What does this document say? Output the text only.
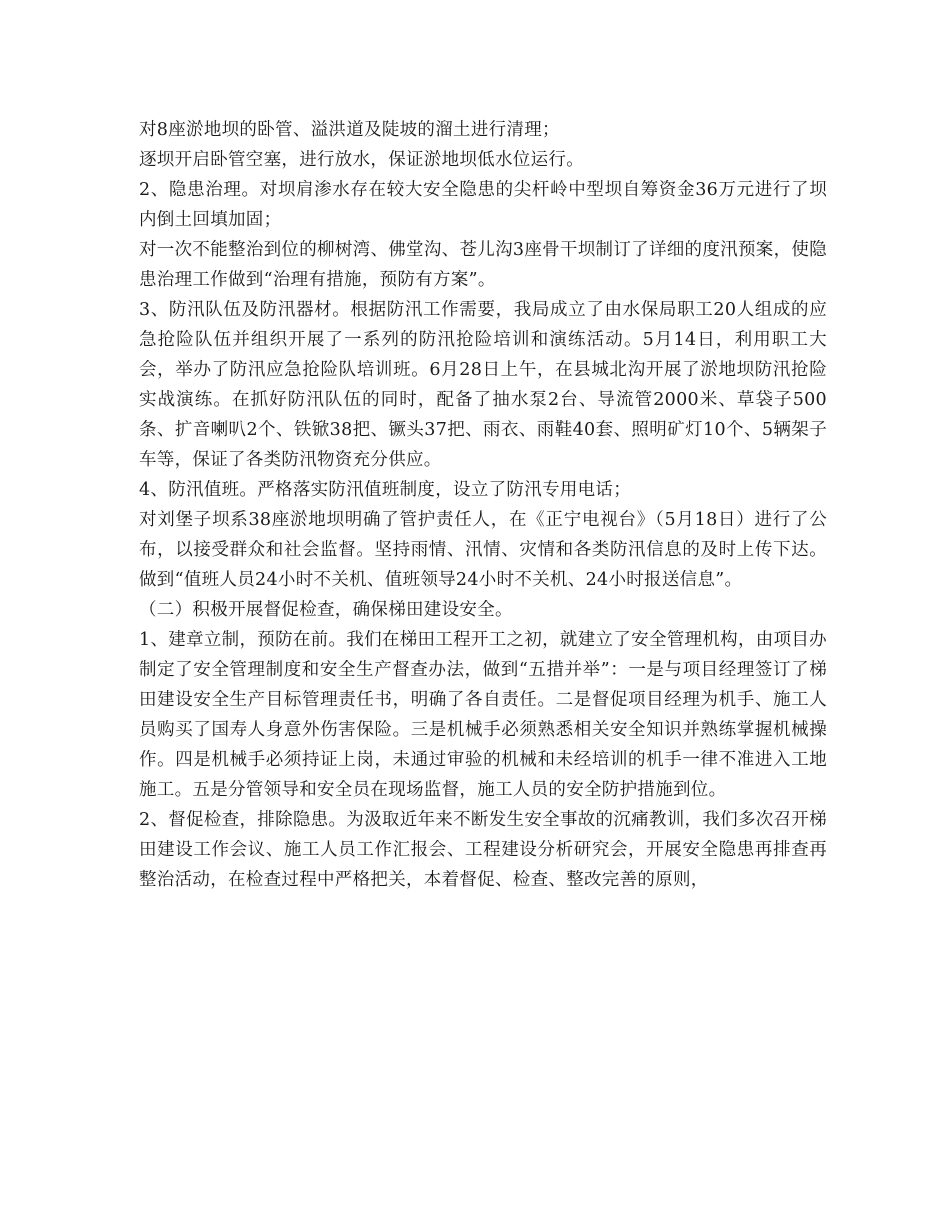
对8座淤地坝的卧管、溢洪道及陡坡的溜土进行清理；

逐坝开启卧管空塞，进行放水，保证淤地坝低水位运行。

2、隐患治理。对坝肩渗水存在较大安全隐患的尖杆岭中型坝自筹资金36万元进行了坝内倒土回填加固；

对一次不能整治到位的柳树湾、佛堂沟、苍儿沟3座骨干坝制订了详细的度汛预案，使隐患治理工作做到“治理有措施，预防有方案”。

3、防汛队伍及防汛器材。根据防汛工作需要，我局成立了由水保局职工20人组成的应急抢险队伍并组织开展了一系列的防汛抢险培训和演练活动。5月14日，利用职工大会，举办了防汛应急抢险队培训班。6月28日上午，在县城北沟开展了淤地坝防汛抢险实战演练。在抓好防汛队伍的同时，配备了抽水泵2台、导流管2000米、草袋子500条、扩音喇叭2个、铁锨38把、镢头37把、雨衣、雨鞋40套、照明矿灯10个、5辆架子车等，保证了各类防汛物资充分供应。

4、防汛值班。严格落实防汛值班制度，设立了防汛专用电话；

对刘堡子坝系38座淤地坝明确了管护责任人，在《正宁电视台》（5月18日）进行了公布，以接受群众和社会监督。坚持雨情、汛情、灾情和各类防汛信息的及时上传下达。做到“值班人员24小时不关机、值班领导24小时不关机、24小时报送信息”。

（二）积极开展督促检查，确保梯田建设安全。

1、建章立制，预防在前。我们在梯田工程开工之初，就建立了安全管理机构，由项目办制定了安全管理制度和安全生产督查办法，做到“五措并举”：一是与项目经理签订了梯田建设安全生产目标管理责任书，明确了各自责任。二是督促项目经理为机手、施工人员购买了国寿人身意外伤害保险。三是机械手必须熟悉相关安全知识并熟练掌握机械操作。四是机械手必须持证上岗，未通过审验的机械和未经培训的机手一律不准进入工地施工。五是分管领导和安全员在现场监督，施工人员的安全防护措施到位。

2、督促检查，排除隐患。为汲取近年来不断发生安全事故的沉痛教训，我们多次召开梯田建设工作会议、施工人员工作汇报会、工程建设分析研究会，开展安全隐患再排查再整治活动，在检查过程中严格把关，本着督促、检查、整改完善的原则，
